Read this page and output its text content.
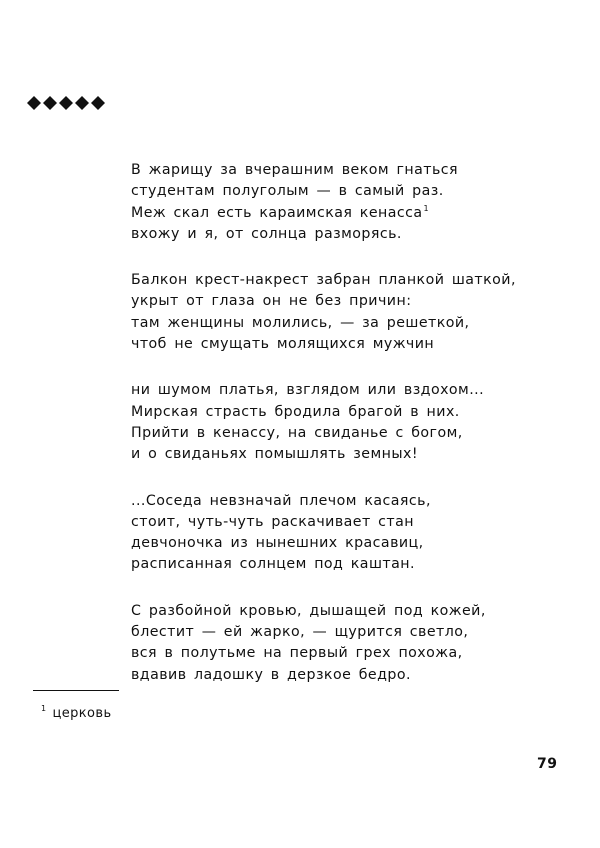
В жарищу за вчерашним веком гнаться
студентам полуголым — в самый раз.
Меж скал есть караимская кенасса$^1$
вхожу и я, от солнца разморясь.
Балкон крест-накрест забран планкой шаткой,
укрыт от глаза он не без причин:
там женщины молились, — за решеткой,
чтоб не смущать молящихся мужчин
ни шумом платья, взглядом или вздохом...
Мирская страсть бродила брагой в них.
Прийти в кенассу, на свиданье с богом,
и о свиданьях помышлять земных!
...Соседа невзначай плечом касаясь,
стоит, чуть-чуть раскачивает стан
девчоночка из нынешних красавиц,
расписанная солнцем под каштан.
С разбойной кровью, дышащей под кожей,
блестит — ей жарко, — щурится светло,
вся в полутьме на первый грех похожа,
вдавив ладошку в дерзкое бедро.
$^1$ церковь
79
